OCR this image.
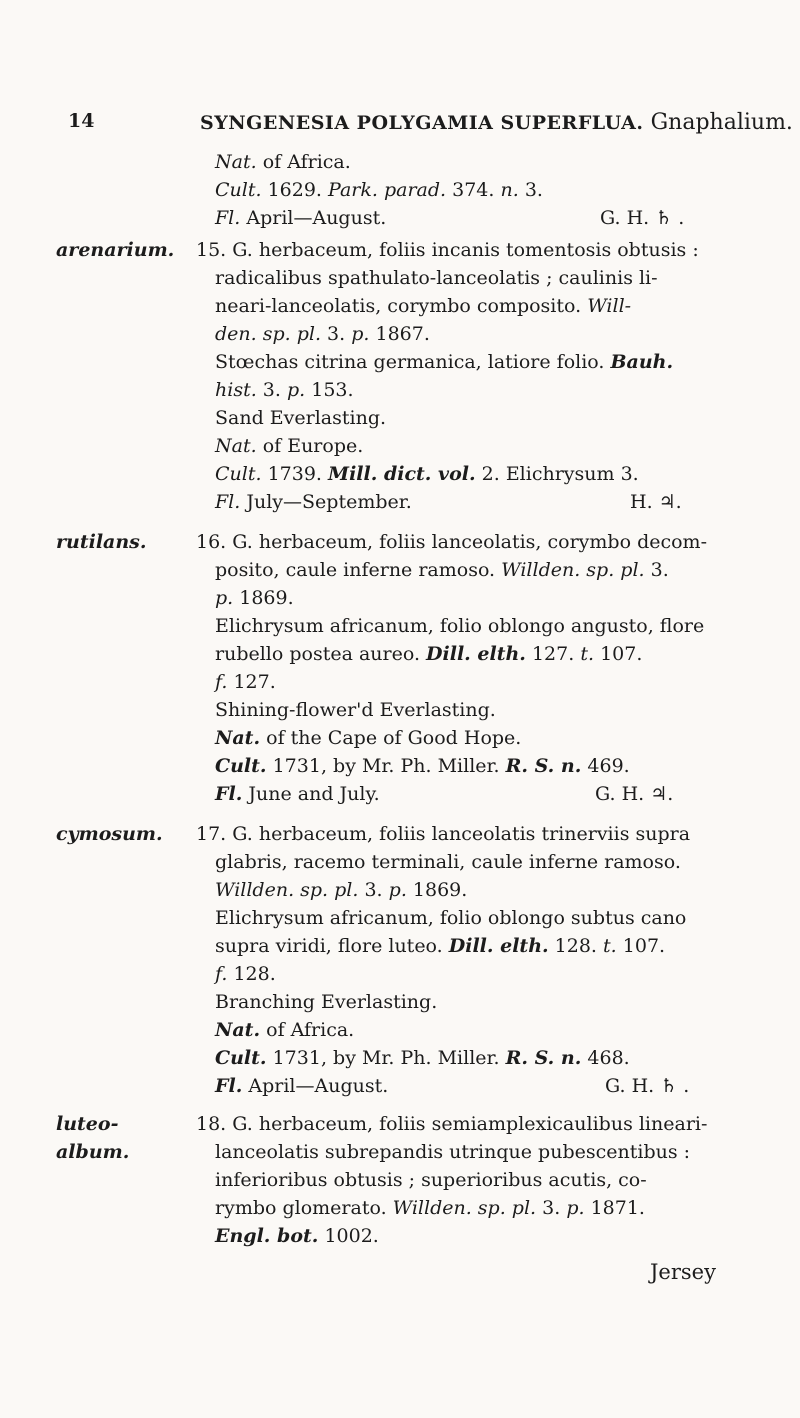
14	SYNGENESIA POLYGAMIA SUPERFLUA. Gnaphalium.
Nat. of Africa.
Cult. 1629. Park. parad. 374. n. 3.
Fl. April—August.	G. H. ♄ .
arenarium. 15. G. herbaceum, foliis incanis tomentosis obtusis :
radicalibus spathulato-lanceolatis ; caulinis li-
neari-lanceolatis, corymbo composito. Will-
den. sp. pl. 3. p. 1867.
Stœchas citrina germanica, latiore folio. Bauh.
hist. 3. p. 153.
Sand Everlasting.
Nat. of Europe.
Cult. 1739. Mill. dict. vol. 2. Elichrysum 3.
Fl. July—September.	H. ♃.
rutilans.	16. G. herbaceum, foliis lanceolatis, corymbo decom-
posito, caule inferne ramoso. Willden. sp. pl. 3.
p. 1869.
Elichrysum africanum, folio oblongo angusto, flore
rubello postea aureo. Dill. elth. 127. t. 107.
f. 127.
Shining-flower'd Everlasting.
Nat. of the Cape of Good Hope.
Cult. 1731, by Mr. Ph. Miller. R. S. n. 469.
Fl. June and July.	G. H. ♃.
cymosum. 17. G. herbaceum, foliis lanceolatis trinerviis supra
glabris, racemo terminali, caule inferne ramoso.
Willden. sp. pl. 3. p. 1869.
Elichrysum africanum, folio oblongo subtus cano
supra viridi, flore luteo. Dill. elth. 128. t. 107.
f. 128.
Branching Everlasting.
Nat. of Africa.
Cult. 1731, by Mr. Ph. Miller. R. S. n. 468.
Fl. April—August.	G. H. ♄ .
luteo-
album.
18. G. herbaceum, foliis semiamplexicaulibus lineari-
lanceolatis subrepandis utrinque pubescentibus :
inferioribus obtusis ; superioribus acutis, co-
rymbo glomerato. Willden. sp. pl. 3. p. 1871.
Engl. bot. 1002.
Jersey
